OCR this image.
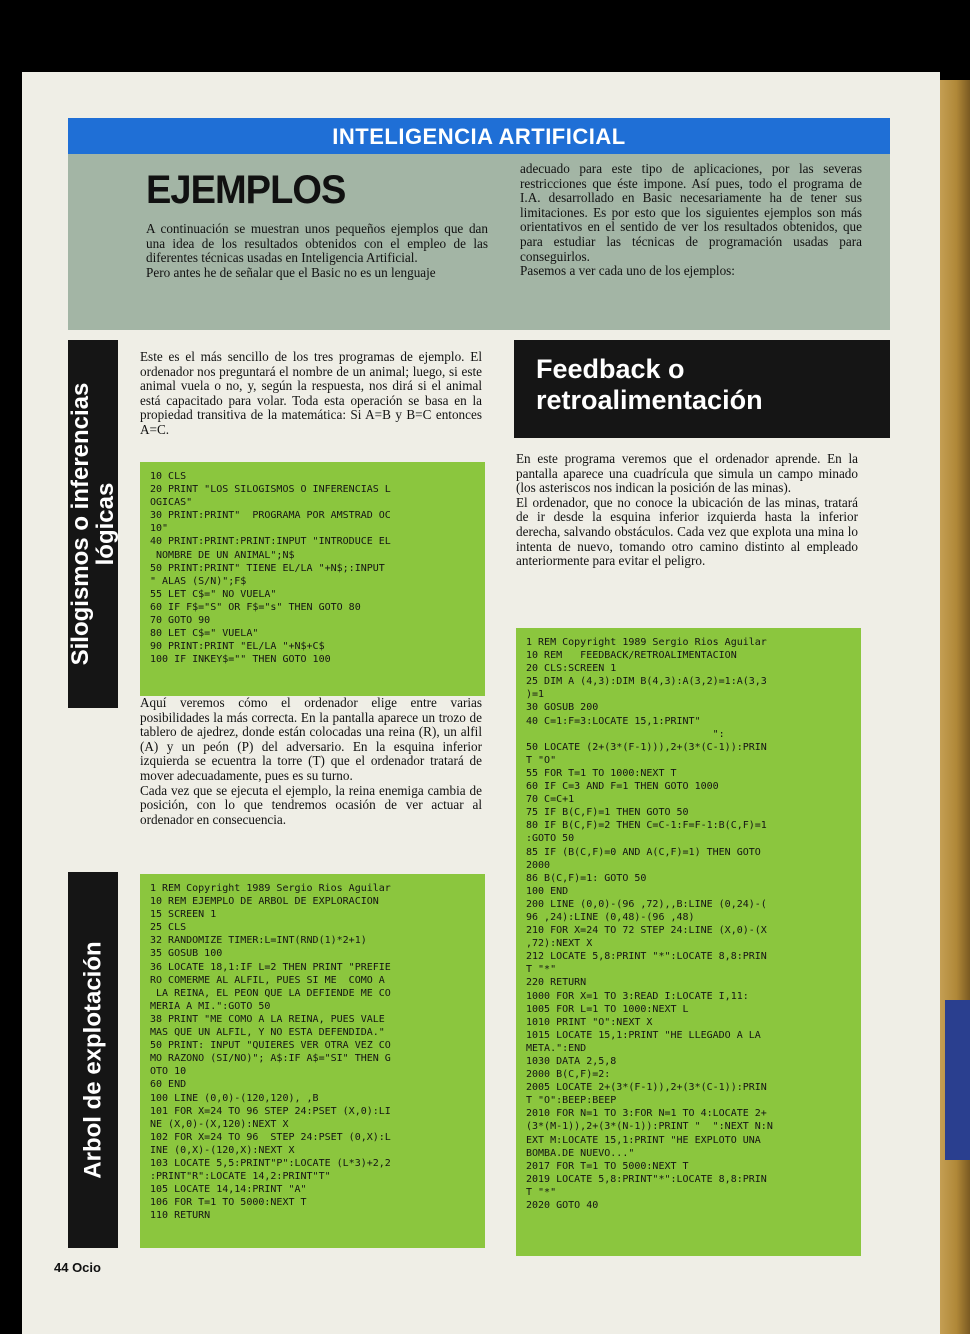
INTELIGENCIA ARTIFICIAL
EJEMPLOS
A continuación se muestran unos pequeños ejemplos que dan una idea de los resultados obtenidos con el empleo de las diferentes técnicas usadas en Inteligencia Artificial.
Pero antes he de señalar que el Basic no es un lenguaje
adecuado para este tipo de aplicaciones, por las severas restricciones que éste impone. Así pues, todo el programa de I.A. desarrollado en Basic necesariamente ha de tener sus limitaciones. Es por esto que los siguientes ejemplos son más orientativos en el sentido de ver los resultados obtenidos, que para estudiar las técnicas de programación usadas para conseguirlos.
Pasemos a ver cada uno de los ejemplos:
Silogismos o inferencias
lógicas
Este es el más sencillo de los tres programas de ejemplo. El ordenador nos preguntará el nombre de un animal; luego, si este animal vuela o no, y, según la respuesta, nos dirá si el animal está capacitado para volar. Toda esta operación se basa en la propiedad transitiva de la matemática: Si A=B y B=C entonces A=C.
10 CLS
20 PRINT "LOS SILOGISMOS O INFERENCIAS L
OGICAS"
30 PRINT:PRINT"  PROGRAMA POR AMSTRAD OC
10"
40 PRINT:PRINT:PRINT:INPUT "INTRODUCE EL
NOMBRE DE UN ANIMAL";N$
50 PRINT:PRINT" TIENE EL/LA "+N$;:INPUT
" ALAS (S/N)";F$
55 LET C$=" NO VUELA"
60 IF F$="S" OR F$="s" THEN GOTO 80
70 GOTO 90
80 LET C$=" VUELA"
90 PRINT:PRINT "EL/LA "+N$+C$
100 IF INKEY$="" THEN GOTO 100
Aquí veremos cómo el ordenador elige entre varias posibilidades la más correcta. En la pantalla aparece un trozo de tablero de ajedrez, donde están colocadas una reina (R), un alfil (A) y un peón (P) del adversario. En la esquina inferior izquierda se ecuentra la torre (T) que el ordenador tratará de mover adecuadamente, pues es su turno.
Cada vez que se ejecuta el ejemplo, la reina enemiga cambia de posición, con lo que tendremos ocasión de ver actuar al ordenador en consecuencia.
Arbol de explotación
1 REM Copyright 1989 Sergio Rios Aguilar
10 REM EJEMPLO DE ARBOL DE EXPLORACION
15 SCREEN 1
25 CLS
32 RANDOMIZE TIMER:L=INT(RND(1)*2+1)
35 GOSUB 100
36 LOCATE 18,1:IF L=2 THEN PRINT "PREFIE
RO COMERME AL ALFIL, PUES SI ME  COMO A
LA REINA, EL PEON QUE LA DEFIENDE ME CO
MERIA A MI.":GOTO 50
38 PRINT "ME COMO A LA REINA, PUES VALE
MAS QUE UN ALFIL, Y NO ESTA DEFENDIDA."
50 PRINT: INPUT "QUIERES VER OTRA VEZ CO
MO RAZONO (SI/NO)"; A$:IF A$="SI" THEN G
OTO 10
60 END
100 LINE (0,0)-(120,120), ,B
101 FOR X=24 TO 96 STEP 24:PSET (X,0):LI
NE (X,0)-(X,120):NEXT X
102 FOR X=24 TO 96  STEP 24:PSET (0,X):L
INE (0,X)-(120,X):NEXT X
103 LOCATE 5,5:PRINT"P":LOCATE (L*3)+2,2
:PRINT"R":LOCATE 14,2:PRINT"T"
105 LOCATE 14,14:PRINT "A"
106 FOR T=1 TO 5000:NEXT T
110 RETURN
Feedback o
retroalimentación
En este programa veremos que el ordenador aprende. En la pantalla aparece una cuadrícula que simula un campo minado (los asteriscos nos indican la posición de las minas).
El ordenador, que no conoce la ubicación de las minas, tratará de ir desde la esquina inferior izquierda hasta la inferior derecha, salvando obstáculos. Cada vez que explota una mina lo intenta de nuevo, tomando otro camino distinto al empleado anteriormente para evitar el peligro.
1 REM Copyright 1989 Sergio Rios Aguilar
10 REM   FEEDBACK/RETROALIMENTACION
20 CLS:SCREEN 1
25 DIM A (4,3):DIM B(4,3):A(3,2)=1:A(3,3
)=1
30 GOSUB 200
40 C=1:F=3:LOCATE 15,1:PRINT"
":
50 LOCATE (2+(3*(F-1))),2+(3*(C-1)):PRIN
T "O"
55 FOR T=1 TO 1000:NEXT T
60 IF C=3 AND F=1 THEN GOTO 1000
70 C=C+1
75 IF B(C,F)=1 THEN GOTO 50
80 IF B(C,F)=2 THEN C=C-1:F=F-1:B(C,F)=1
:GOTO 50
85 IF (B(C,F)=0 AND A(C,F)=1) THEN GOTO
2000
86 B(C,F)=1: GOTO 50
100 END
200 LINE (0,0)-(96 ,72),,B:LINE (0,24)-(
96 ,24):LINE (0,48)-(96 ,48)
210 FOR X=24 TO 72 STEP 24:LINE (X,0)-(X
,72):NEXT X
212 LOCATE 5,8:PRINT "*":LOCATE 8,8:PRIN
T "*"
220 RETURN
1000 FOR X=1 TO 3:READ I:LOCATE I,11:
1005 FOR L=1 TO 1000:NEXT L
1010 PRINT "O":NEXT X
1015 LOCATE 15,1:PRINT "HE LLEGADO A LA
META.":END
1030 DATA 2,5,8
2000 B(C,F)=2:
2005 LOCATE 2+(3*(F-1)),2+(3*(C-1)):PRIN
T "O":BEEP:BEEP
2010 FOR N=1 TO 3:FOR N=1 TO 4:LOCATE 2+
(3*(M-1)),2+(3*(N-1)):PRINT "  ":NEXT N:N
EXT M:LOCATE 15,1:PRINT "HE EXPLOTO UNA
BOMBA.DE NUEVO..."
2017 FOR T=1 TO 5000:NEXT T
2019 LOCATE 5,8:PRINT"*":LOCATE 8,8:PRIN
T "*"
2020 GOTO 40
44 Ocio
